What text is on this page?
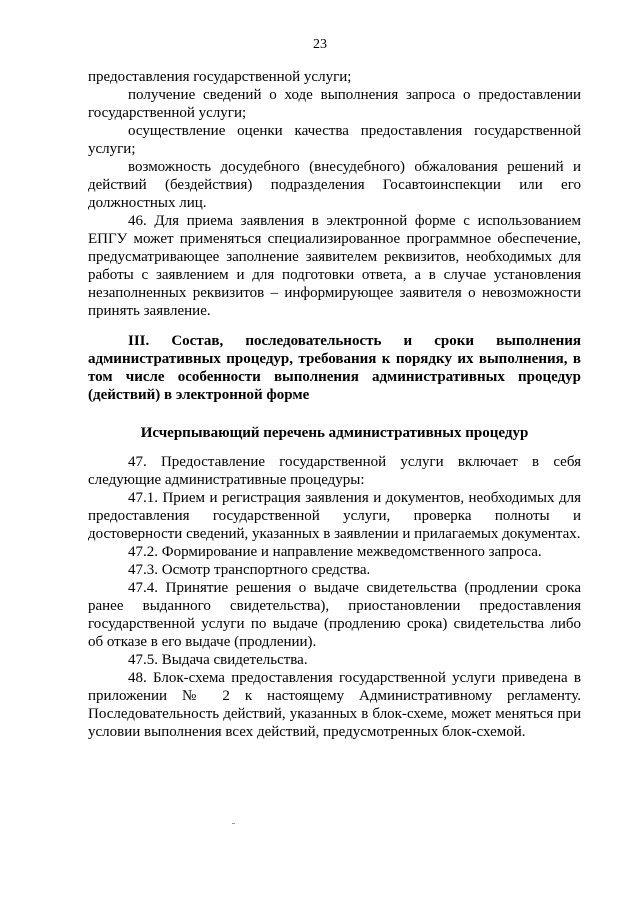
23

предоставления государственной услуги;

получение сведений о ходе выполнения запроса о предоставлении государственной услуги;

осуществление оценки качества предоставления государственной услуги;

возможность досудебного (внесудебного) обжалования решений и действий (бездействия) подразделения Госавтоинспекции или его должностных лиц.

46. Для приема заявления в электронной форме с использованием ЕПГУ может применяться специализированное программное обеспечение, предусматривающее заполнение заявителем реквизитов, необходимых для работы с заявлением и для подготовки ответа, а в случае установления незаполненных реквизитов – информирующее заявителя о невозможности принять заявление.

III. Состав, последовательность и сроки выполнения административных процедур, требования к порядку их выполнения, в том числе особенности выполнения административных процедур (действий) в электронной форме

Исчерпывающий перечень административных процедур

47. Предоставление государственной услуги включает в себя следующие административные процедуры:

47.1. Прием и регистрация заявления и документов, необходимых для предоставления государственной услуги, проверка полноты и достоверности сведений, указанных в заявлении и прилагаемых документах.

47.2. Формирование и направление межведомственного запроса.

47.3. Осмотр транспортного средства.

47.4. Принятие решения о выдаче свидетельства (продлении срока ранее выданного свидетельства), приостановлении предоставления государственной услуги по выдаче (продлению срока) свидетельства либо об отказе в его выдаче (продлении).

47.5. Выдача свидетельства.

48. Блок-схема предоставления государственной услуги приведена в приложении № 2 к настоящему Административному регламенту. Последовательность действий, указанных в блок-схеме, может меняться при условии выполнения всех действий, предусмотренных блок-схемой.
